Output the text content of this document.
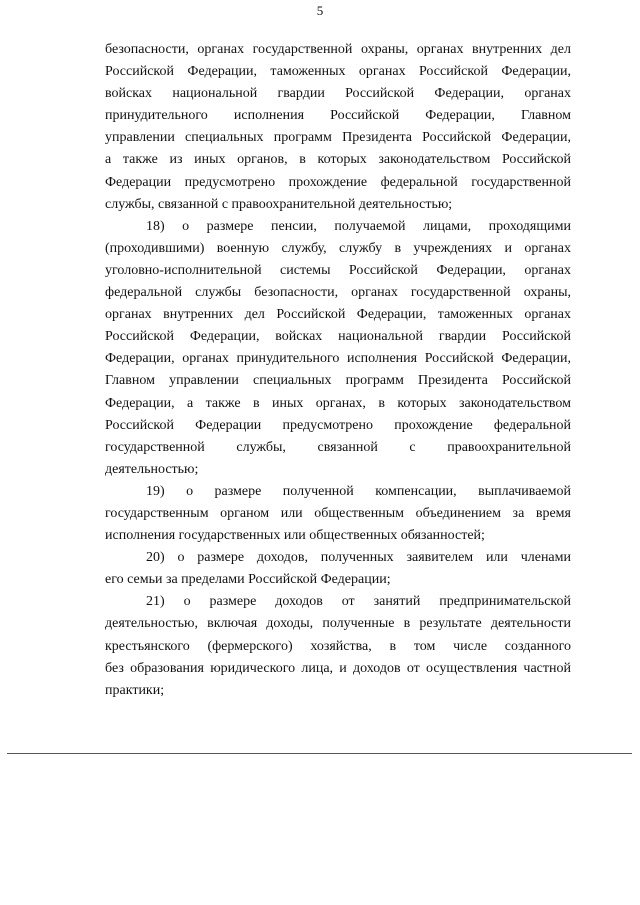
5
безопасности, органах государственной охраны, органах внутренних дел
Российской Федерации, таможенных органах Российской Федерации,
войсках национальной гвардии Российской Федерации, органах
принудительного исполнения Российской Федерации, Главном
управлении специальных программ Президента Российской Федерации,
а также из иных органов, в которых законодательством Российской
Федерации предусмотрено прохождение федеральной государственной
службы, связанной с правоохранительной деятельностью;
18) о размере пенсии, получаемой лицами, проходящими
(проходившими) военную службу, службу в учреждениях и органах
уголовно-исполнительной системы Российской Федерации, органах
федеральной службы безопасности, органах государственной охраны,
органах внутренних дел Российской Федерации, таможенных органах
Российской Федерации, войсках национальной гвардии Российской
Федерации, органах принудительного исполнения Российской Федерации,
Главном управлении специальных программ Президента Российской
Федерации, а также в иных органах, в которых законодательством
Российской Федерации предусмотрено прохождение федеральной
государственной службы, связанной с правоохранительной
деятельностью;
19) о размере полученной компенсации, выплачиваемой
государственным органом или общественным объединением за время
исполнения государственных или общественных обязанностей;
20) о размере доходов, полученных заявителем или членами
его семьи за пределами Российской Федерации;
21) о размере доходов от занятий предпринимательской
деятельностью, включая доходы, полученные в результате деятельности
крестьянского (фермерского) хозяйства, в том числе созданного
без образования юридического лица, и доходов от осуществления частной
практики;
